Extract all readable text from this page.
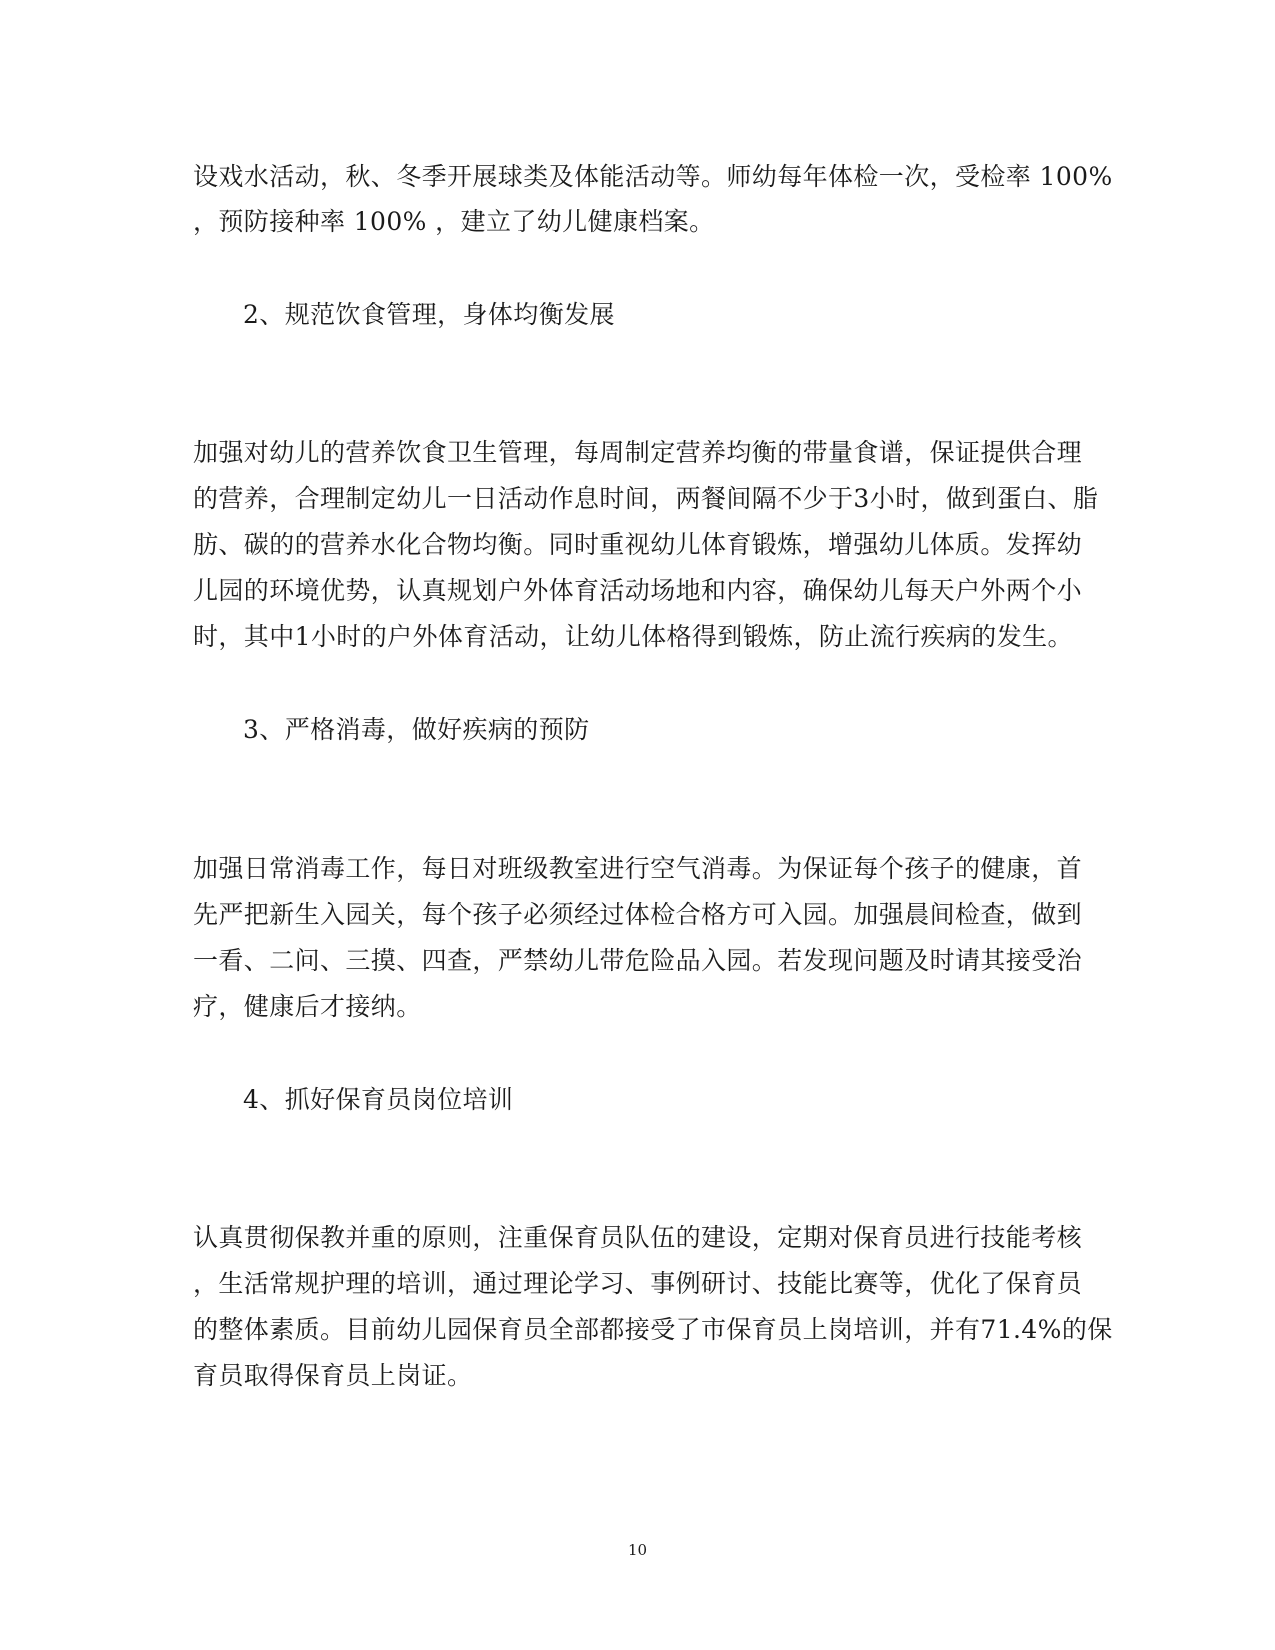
设戏水活动，秋、冬季开展球类及体能活动等。师幼每年体检一次，受检率 100%
，预防接种率 100% ，建立了幼儿健康档案。
2、规范饮食管理，身体均衡发展
加强对幼儿的营养饮食卫生管理，每周制定营养均衡的带量食谱，保证提供合理
的营养，合理制定幼儿一日活动作息时间，两餐间隔不少于3小时，做到蛋白、脂
肪、碳的的营养水化合物均衡。同时重视幼儿体育锻炼，增强幼儿体质。发挥幼
儿园的环境优势，认真规划户外体育活动场地和内容，确保幼儿每天户外两个小
时，其中1小时的户外体育活动，让幼儿体格得到锻炼，防止流行疾病的发生。
3、严格消毒，做好疾病的预防
加强日常消毒工作，每日对班级教室进行空气消毒。为保证每个孩子的健康，首
先严把新生入园关，每个孩子必须经过体检合格方可入园。加强晨间检查，做到
一看、二问、三摸、四查，严禁幼儿带危险品入园。若发现问题及时请其接受治
疗，健康后才接纳。
4、抓好保育员岗位培训
认真贯彻保教并重的原则，注重保育员队伍的建设，定期对保育员进行技能考核
，生活常规护理的培训，通过理论学习、事例研讨、技能比赛等，优化了保育员
的整体素质。目前幼儿园保育员全部都接受了市保育员上岗培训，并有71.4%的保
育员取得保育员上岗证。
10
